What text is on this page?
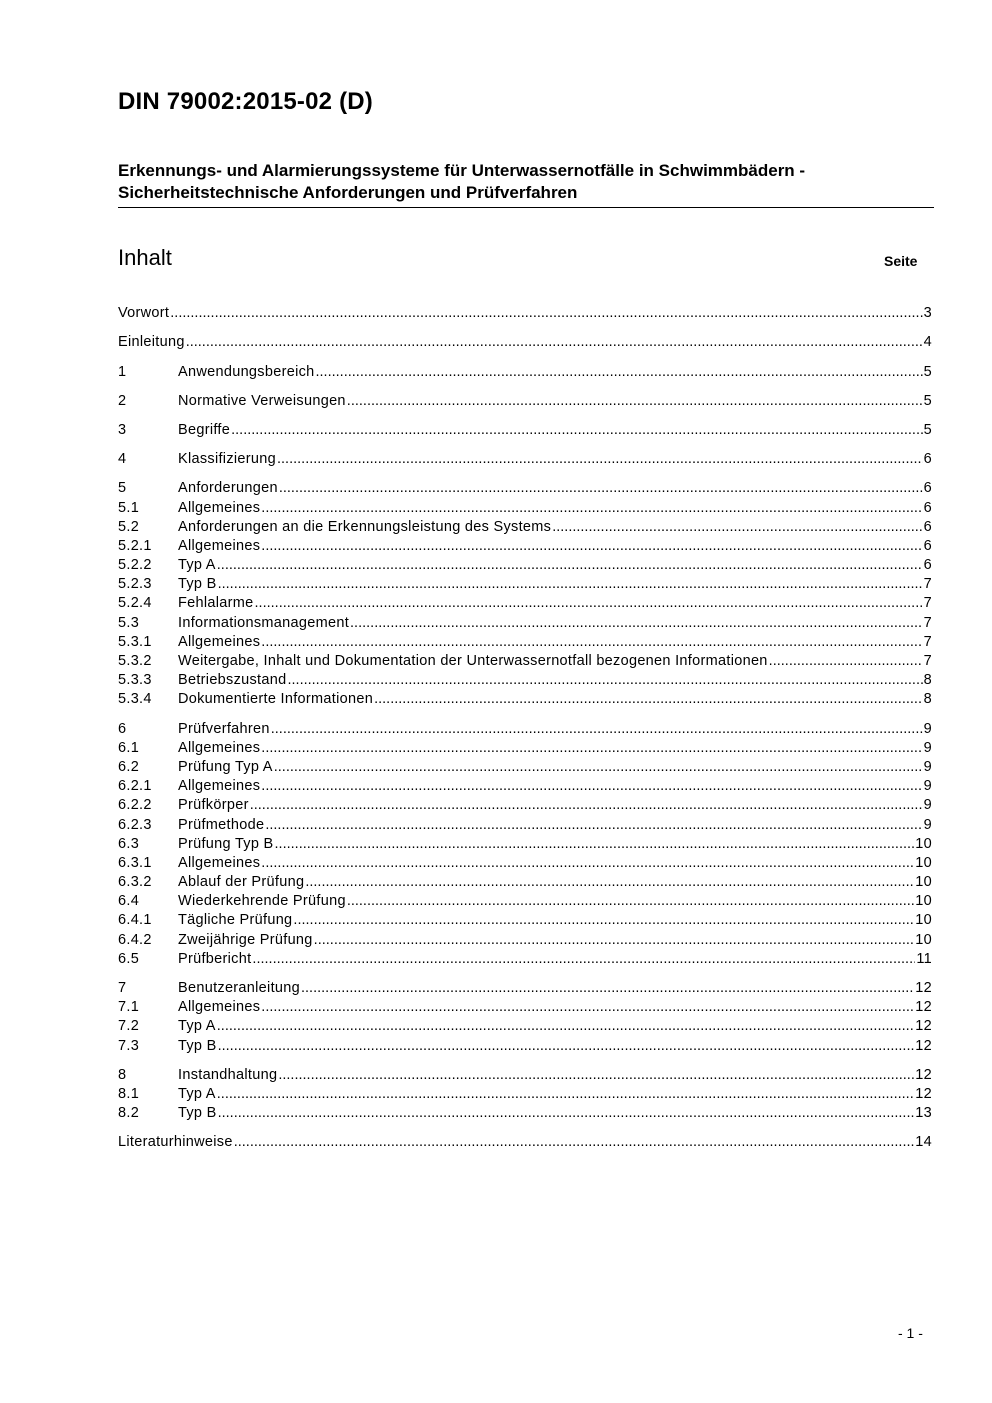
DIN 79002:2015-02 (D)
Erkennungs- und Alarmierungssysteme für Unterwassernotfälle in Schwimmbädern -
Sicherheitstechnische Anforderungen und Prüfverfahren
Inhalt	Seite
Vorwort .....	3
Einleitung .....	4
1	Anwendungsbereich .....	5
2	Normative Verweisungen .....	5
3	Begriffe .....	5
4	Klassifizierung .....	6
5	Anforderungen .....	6
5.1	Allgemeines .....	6
5.2	Anforderungen an die Erkennungsleistung des Systems .....	6
5.2.1	Allgemeines .....	6
5.2.2	Typ A .....	6
5.2.3	Typ B .....	7
5.2.4	Fehlalarme .....	7
5.3	Informationsmanagement .....	7
5.3.1	Allgemeines .....	7
5.3.2	Weitergabe, Inhalt und Dokumentation der Unterwassernotfall bezogenen Informationen .....	7
5.3.3	Betriebszustand .....	8
5.3.4	Dokumentierte Informationen .....	8
6	Prüfverfahren .....	9
6.1	Allgemeines .....	9
6.2	Prüfung Typ A .....	9
6.2.1	Allgemeines .....	9
6.2.2	Prüfkörper .....	9
6.2.3	Prüfmethode .....	9
6.3	Prüfung Typ B .....	10
6.3.1	Allgemeines .....	10
6.3.2	Ablauf der Prüfung .....	10
6.4	Wiederkehrende Prüfung .....	10
6.4.1	Tägliche Prüfung .....	10
6.4.2	Zweijährige Prüfung .....	10
6.5	Prüfbericht .....	11
7	Benutzeranleitung .....	12
7.1	Allgemeines .....	12
7.2	Typ A .....	12
7.3	Typ B .....	12
8	Instandhaltung .....	12
8.1	Typ A .....	12
8.2	Typ B .....	13
Literaturhinweise .....	14
- 1 -
